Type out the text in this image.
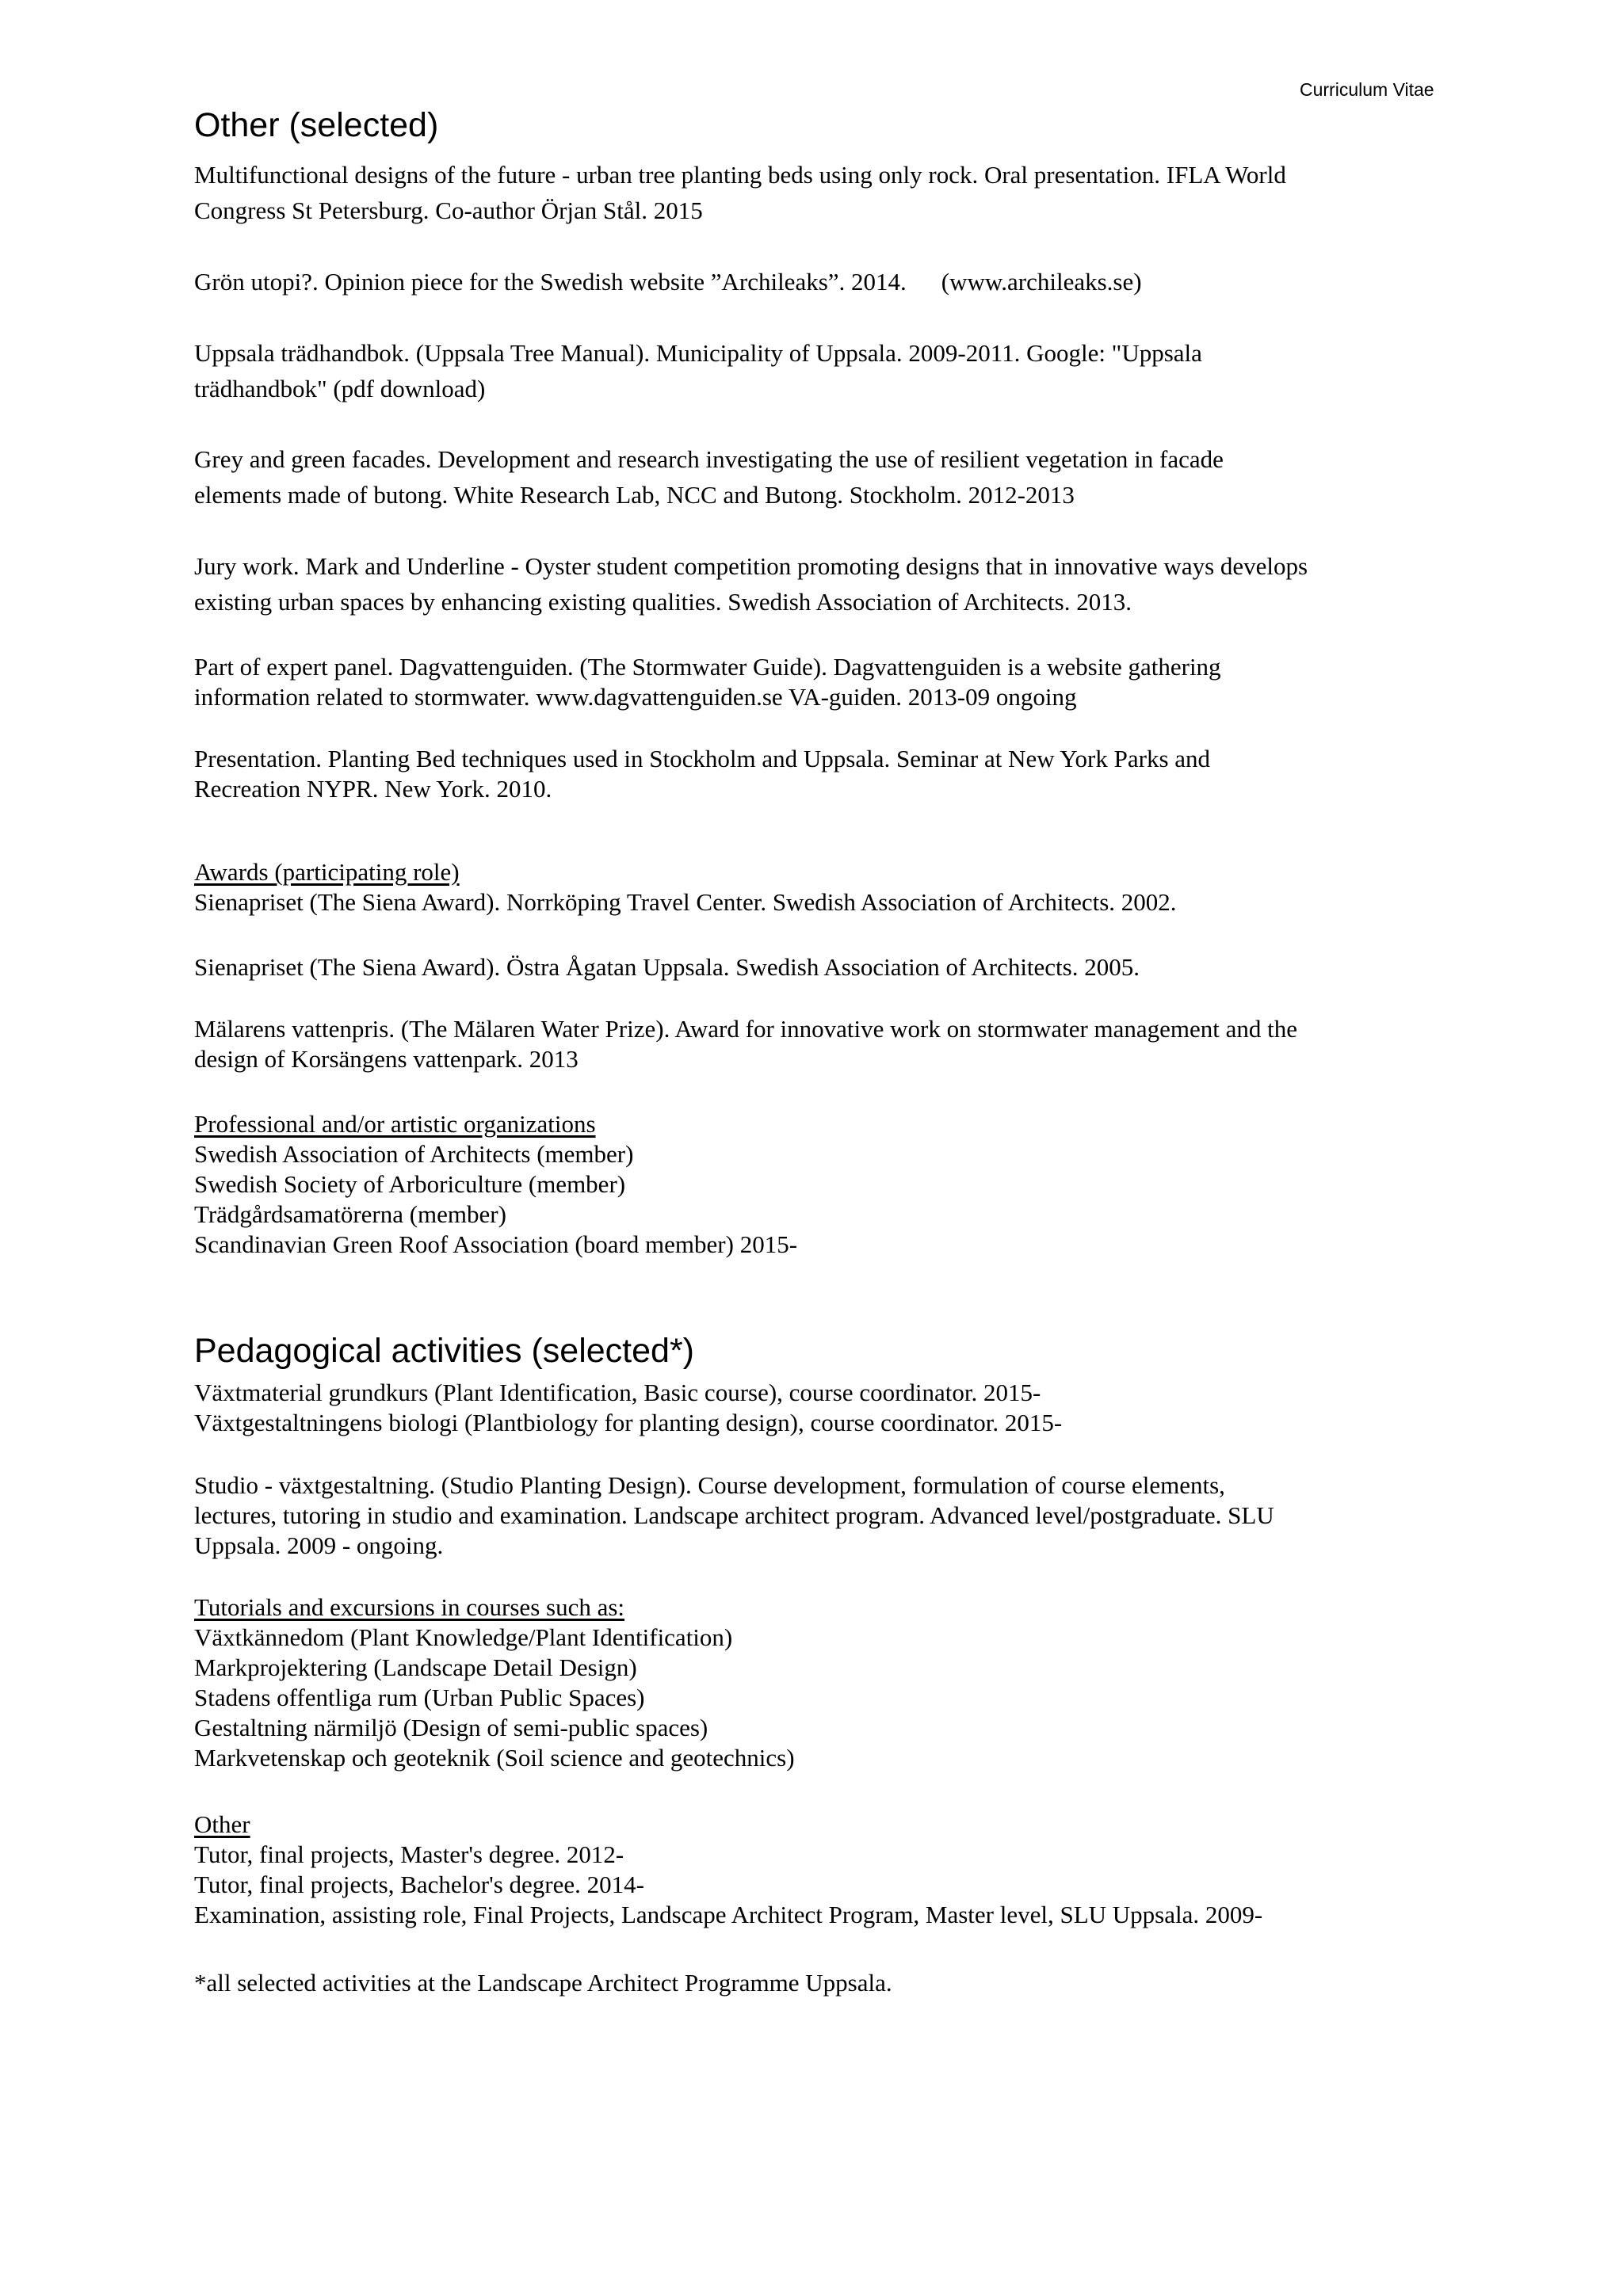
Curriculum Vitae
Other (selected)

Multifunctional designs of the future - urban tree planting beds using only rock. Oral presentation. IFLA World
Congress St Petersburg. Co-author Örjan Stål. 2015

Grön utopi?. Opinion piece for the Swedish website ”Archileaks”. 2014. (www.archileaks.se)

Uppsala trädhandbok. (Uppsala Tree Manual). Municipality of Uppsala. 2009-2011. Google: "Uppsala
trädhandbok" (pdf download)

Grey and green facades. Development and research investigating the use of resilient vegetation in facade
elements made of butong. White Research Lab, NCC and Butong. Stockholm. 2012-2013

Jury work. Mark and Underline - Oyster student competition promoting designs that in innovative ways develops
existing urban spaces by enhancing existing qualities. Swedish Association of Architects. 2013.

Part of expert panel. Dagvattenguiden. (The Stormwater Guide). Dagvattenguiden is a website gathering
information related to stormwater. www.dagvattenguiden.se VA-guiden. 2013-09 ongoing

Presentation. Planting Bed techniques used in Stockholm and Uppsala. Seminar at New York Parks and
Recreation NYPR. New York. 2010.

Awards (participating role)
Sienapriset (The Siena Award). Norrköping Travel Center. Swedish Association of Architects. 2002.

Sienapriset (The Siena Award). Östra Ågatan Uppsala. Swedish Association of Architects. 2005.

Mälarens vattenpris. (The Mälaren Water Prize). Award for innovative work on stormwater management and the
design of Korsängens vattenpark. 2013

Professional and/or artistic organizations
Swedish Association of Architects (member)
Swedish Society of Arboriculture (member)
Trädgårdsamatörerna (member)
Scandinavian Green Roof Association (board member) 2015-

Pedagogical activities (selected*)

Växtmaterial grundkurs (Plant Identification, Basic course), course coordinator. 2015-
Växtgestaltningens biologi (Plantbiology for planting design), course coordinator. 2015-

Studio - växtgestaltning. (Studio Planting Design). Course development, formulation of course elements,
lectures, tutoring in studio and examination. Landscape architect program. Advanced level/postgraduate. SLU
Uppsala. 2009 - ongoing.

Tutorials and excursions in courses such as:
Växtkännedom (Plant Knowledge/Plant Identification)
Markprojektering (Landscape Detail Design)
Stadens offentliga rum (Urban Public Spaces)
Gestaltning närmiljö (Design of semi-public spaces)
Markvetenskap och geoteknik (Soil science and geotechnics)

Other
Tutor, final projects, Master's degree. 2012-
Tutor, final projects, Bachelor's degree. 2014-
Examination, assisting role, Final Projects, Landscape Architect Program, Master level, SLU Uppsala. 2009-

*all selected activities at the Landscape Architect Programme Uppsala.
